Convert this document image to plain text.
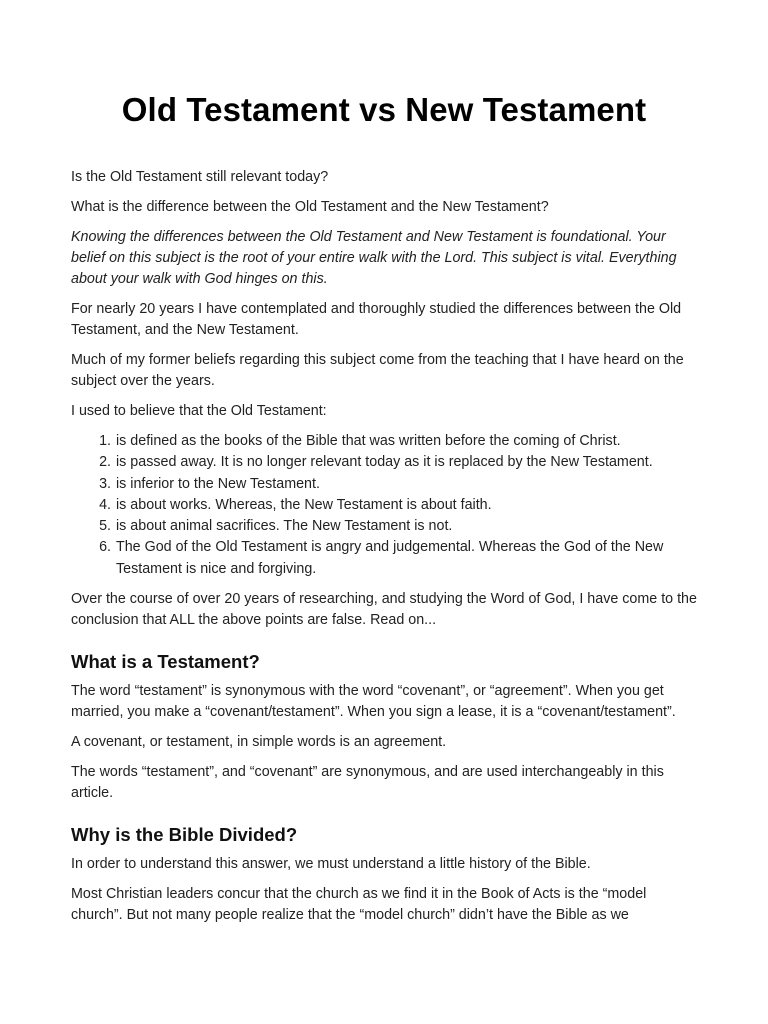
Old Testament vs New Testament

Is the Old Testament still relevant today?

What is the difference between the Old Testament and the New Testament?

Knowing the differences between the Old Testament and New Testament is foundational. Your belief on this subject is the root of your entire walk with the Lord. This subject is vital. Everything about your walk with God hinges on this.

For nearly 20 years I have contemplated and thoroughly studied the differences between the Old Testament, and the New Testament.

Much of my former beliefs regarding this subject come from the teaching that I have heard on the subject over the years.

I used to believe that the Old Testament:

1. is defined as the books of the Bible that was written before the coming of Christ.
2. is passed away. It is no longer relevant today as it is replaced by the New Testament.
3. is inferior to the New Testament.
4. is about works. Whereas, the New Testament is about faith.
5. is about animal sacrifices. The New Testament is not.
6. The God of the Old Testament is angry and judgemental. Whereas the God of the New Testament is nice and forgiving.

Over the course of over 20 years of researching, and studying the Word of God, I have come to the conclusion that ALL the above points are false. Read on...

What is a Testament?

The word “testament” is synonymous with the word “covenant”, or “agreement”. When you get married, you make a “covenant/testament”. When you sign a lease, it is a “covenant/testament”.

A covenant, or testament, in simple words is an agreement.

The words “testament”, and “covenant” are synonymous, and are used interchangeably in this article.

Why is the Bible Divided?

In order to understand this answer, we must understand a little history of the Bible.

Most Christian leaders concur that the church as we find it in the Book of Acts is the “model church”. But not many people realize that the “model church” didn’t have the Bible as we
